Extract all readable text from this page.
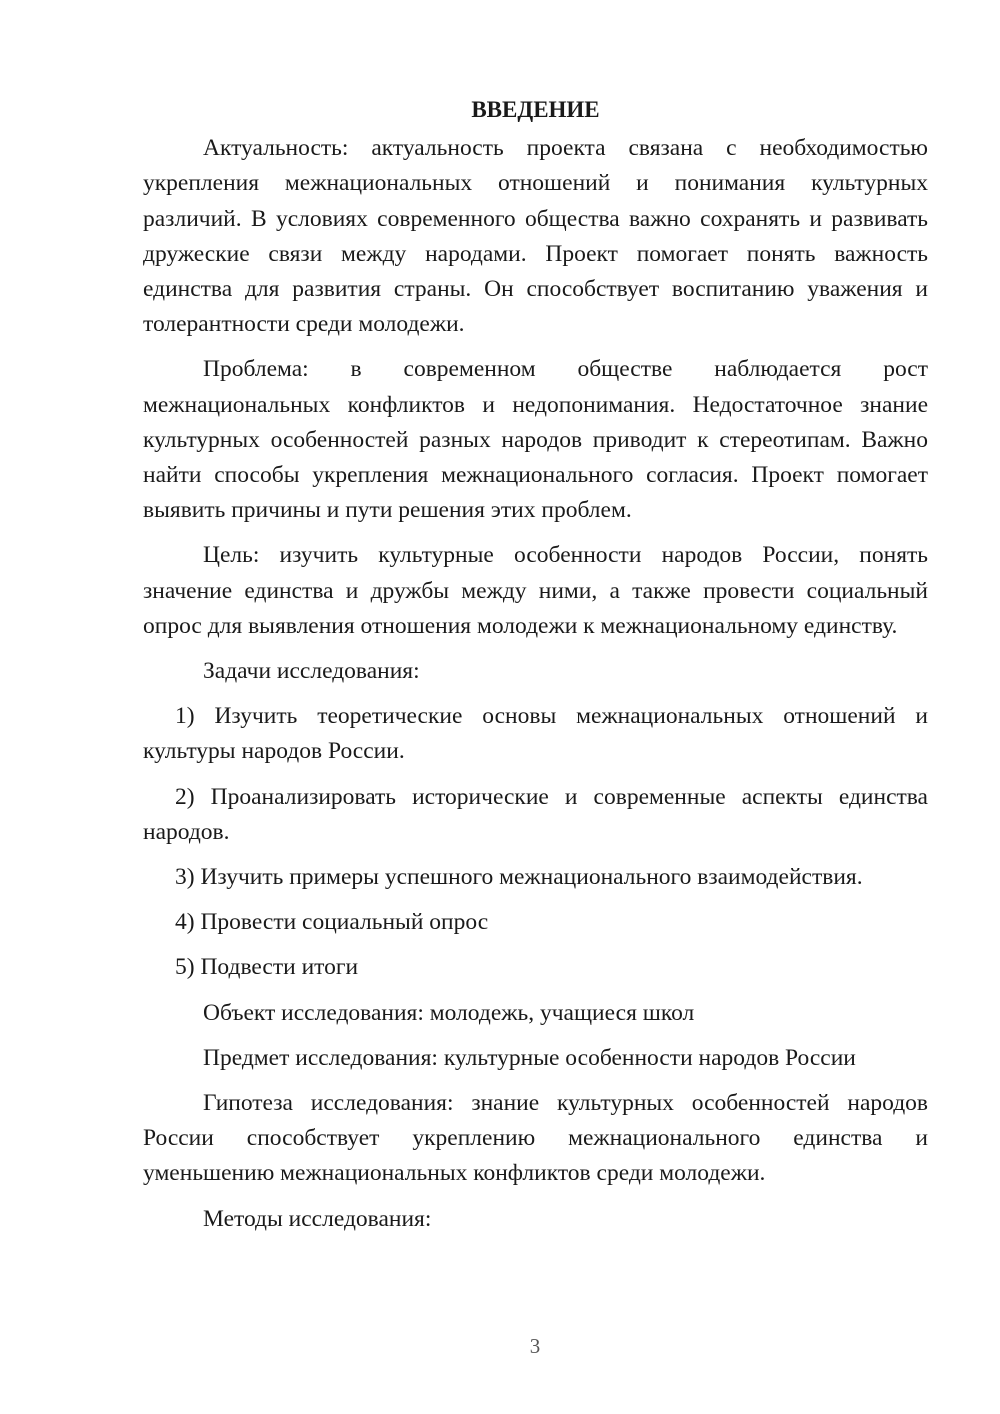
ВВЕДЕНИЕ

Актуальность: актуальность проекта связана с необходимостью укрепления межнациональных отношений и понимания культурных различий. В условиях современного общества важно сохранять и развивать дружеские связи между народами. Проект помогает понять важность единства для развития страны. Он способствует воспитанию уважения и толерантности среди молодежи.

Проблема: в современном обществе наблюдается рост межнациональных конфликтов и недопонимания. Недостаточное знание культурных особенностей разных народов приводит к стереотипам. Важно найти способы укрепления межнационального согласия. Проект помогает выявить причины и пути решения этих проблем.

Цель: изучить культурные особенности народов России, понять значение единства и дружбы между ними, а также провести социальный опрос для выявления отношения молодежи к межнациональному единству.

Задачи исследования:

1) Изучить теоретические основы межнациональных отношений и культуры народов России.

2) Проанализировать исторические и современные аспекты единства народов.

3) Изучить примеры успешного межнационального взаимодействия.

4) Провести социальный опрос

5) Подвести итоги

Объект исследования: молодежь, учащиеся школ

Предмет исследования: культурные особенности народов России

Гипотеза исследования: знание культурных особенностей народов России способствует укреплению межнационального единства и уменьшению межнациональных конфликтов среди молодежи.

Методы исследования:

3
